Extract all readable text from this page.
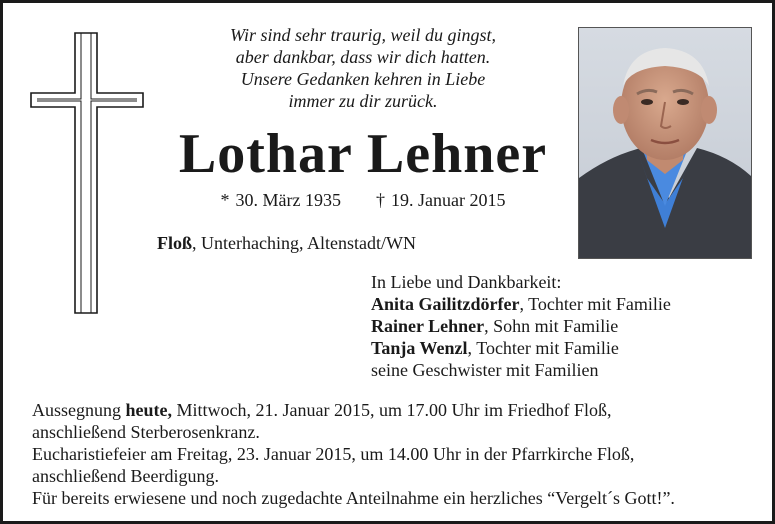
Wir sind sehr traurig, weil du gingst,
aber dankbar, dass wir dich hatten.
Unsere Gedanken kehren in Liebe
immer zu dir zurück.
Lothar Lehner
* 30. März 1935 † 19. Januar 2015
Floß, Unterhaching, Altenstadt/WN
In Liebe und Dankbarkeit:
Anita Gailitzdörfer, Tochter mit Familie
Rainer Lehner, Sohn mit Familie
Tanja Wenzl, Tochter mit Familie
seine Geschwister mit Familien
Aussegnung heute, Mittwoch, 21. Januar 2015, um 17.00 Uhr im Friedhof Floß,
anschließend Sterberosenkranz.
Eucharistiefeier am Freitag, 23. Januar 2015, um 14.00 Uhr in der Pfarrkirche Floß,
anschließend Beerdigung.
Für bereits erwiesene und noch zugedachte Anteilnahme ein herzliches “Vergelt´s Gott!”.
